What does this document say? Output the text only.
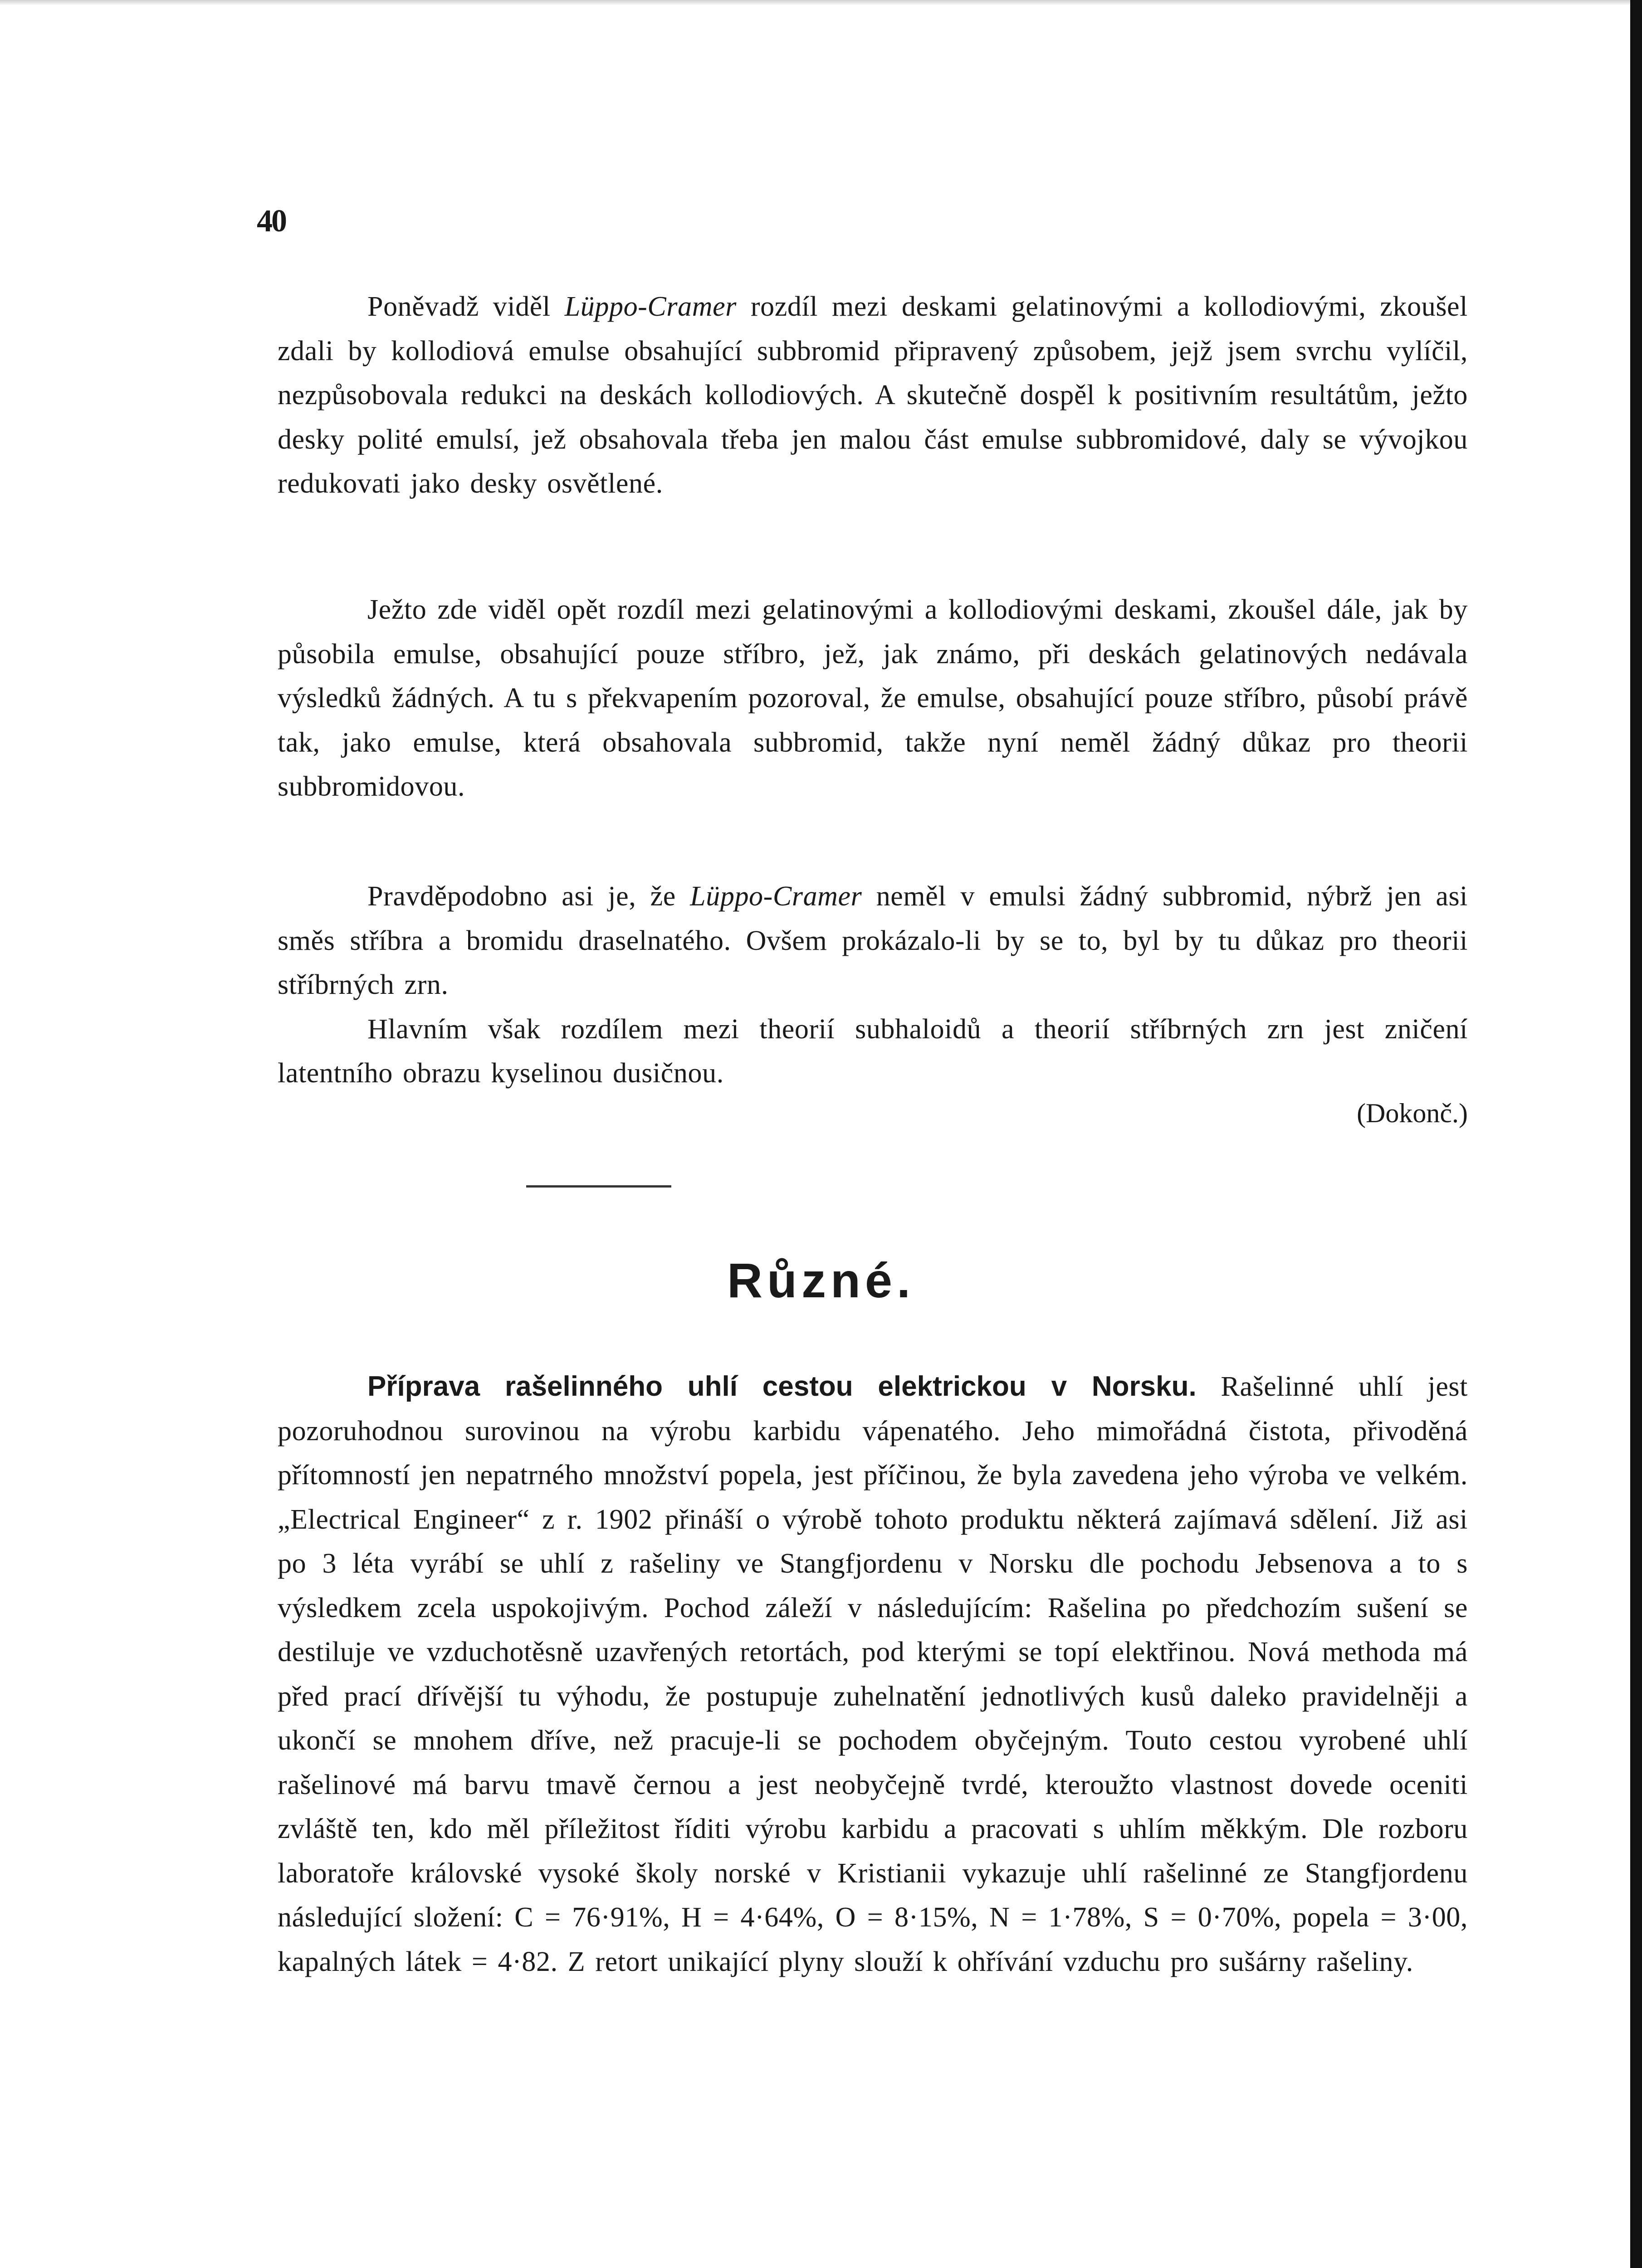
40

Poněvadž viděl Lüppo-Cramer rozdíl mezi deskami gelatinovými a kollodiovými, zkoušel zdali by kollodiová emulse obsahující subbromid připravený způsobem, jejž jsem svrchu vylíčil, nezpůsobovala redukci na deskách kollodiových. A skutečně dospěl k positivním resultátům, ježto desky polité emulsí, jež obsahovala třeba jen malou část emulse subbromidové, daly se vývojkou redukovati jako desky osvětlené.

Ježto zde viděl opět rozdíl mezi gelatinovými a kollodiovými deskami, zkoušel dále, jak by působila emulse, obsahující pouze stříbro, jež, jak známo, při deskách gelatinových nedávala výsledků žádných. A tu s překvapením pozoroval, že emulse, obsahující pouze stříbro, působí právě tak, jako emulse, která obsahovala subbromid, takže nyní neměl žádný důkaz pro theorii subbromidovou.

Pravděpodobno asi je, že Lüppo-Cramer neměl v emulsi žádný subbromid, nýbrž jen asi směs stříbra a bromidu draselnatého. Ovšem prokázalo-li by se to, byl by tu důkaz pro theorii stříbrných zrn.

Hlavním však rozdílem mezi theorií subhaloidů a theorií stříbrných zrn jest zničení latentního obrazu kyselinou dusičnou.

(Dokonč.)
Různé.

Příprava rašelinného uhlí cestou elektrickou v Norsku. Rašelinné uhlí jest pozoruhodnou surovinou na výrobu karbidu vápenatého. Jeho mimořádná čistota, přivoděná přítomností jen nepatrného množství popela, jest příčinou, že byla zavedena jeho výroba ve velkém. „Electrical Engineer“ z r. 1902 přináší o výrobě tohoto produktu některá zajímavá sdělení. Již asi po 3 léta vyrábí se uhlí z rašeliny ve Stangfjordenu v Norsku dle pochodu Jebsenova a to s výsledkem zcela uspokojivým. Pochod záleží v následujícím: Rašelina po předchozím sušení se destiluje ve vzduchotěsně uzavřených retortách, pod kterými se topí elektřinou. Nová methoda má před prací dřívější tu výhodu, že postupuje zuhelnatění jednotlivých kusů daleko pravidelněji a ukončí se mnohem dříve, než pracuje-li se pochodem obyčejným. Touto cestou vyrobené uhlí rašelinové má barvu tmavě černou a jest neobyčejně tvrdé, kteroužto vlastnost dovede oceniti zvláště ten, kdo měl příležitost říditi výrobu karbidu a pracovati s uhlím měkkým. Dle rozboru laboratoře královské vysoké školy norské v Kristianii vykazuje uhlí rašelinné ze Stangfjordenu následující složení: C = 76·91%, H = 4·64%, O = 8·15%, N = 1·78%, S = 0·70%, popela = 3·00, kapalných látek = 4·82. Z retort unikající plyny slouží k ohřívání vzduchu pro sušárny rašeliny.
